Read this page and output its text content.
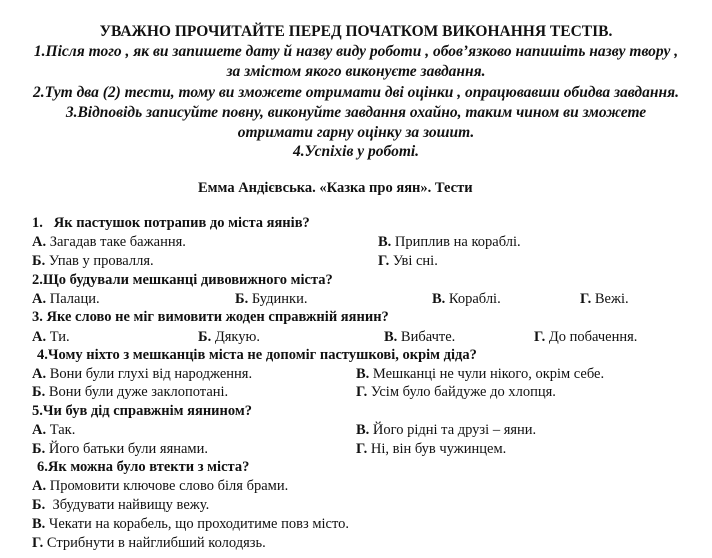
УВАЖНО ПРОЧИТАЙТЕ ПЕРЕД ПОЧАТКОМ ВИКОНАННЯ ТЕСТІВ.
1.Після того , як ви запишете дату й назву виду роботи , обов’язково напишіть назву твору ,
за змістом якого виконуєте завдання.
2.Тут два (2) тести, тому ви зможете отримати дві оцінки , опрацювавши обидва завдання.
3.Відповідь записуйте повну, виконуйте завдання охайно, таким чином ви зможете
отримати гарну оцінку за зошит.
4.Успіхів у роботі.
Емма Андієвська. «Казка про яян». Тести
1. Як пастушок потрапив до міста яянів?
А. Загадав таке бажання.	В. Приплив на кораблі.
Б. Упав у провалля.	Г. Уві сні.
2.Що будували мешканці дивовижного міста?
А. Палаци.	Б. Будинки.	В. Кораблі.	Г. Вежі.
3. Яке слово не міг вимовити жоден справжній яянин?
А. Ти.	Б. Дякую.	В. Вибачте.	Г. До побачення.
4.Чому ніхто з мешканців міста не допоміг пастушкові, окрім діда?
А. Вони були глухі від народження.	В. Мешканці не чули нікого, окрім себе.
Б. Вони були дуже заклопотані.	Г. Усім було байдуже до хлопця.
5.Чи був дід справжнім яянином?
А. Так.	В. Його рідні та друзі – яяни.
Б. Його батьки були яянами.	Г. Ні, він був чужинцем.
6.Як можна було втекти з міста?
А. Промовити ключове слово біля брами.
Б. Збудувати найвищу вежу.
В. Чекати на корабель, що проходитиме повз місто.
Г. Стрибнути в найглибший колодязь.
